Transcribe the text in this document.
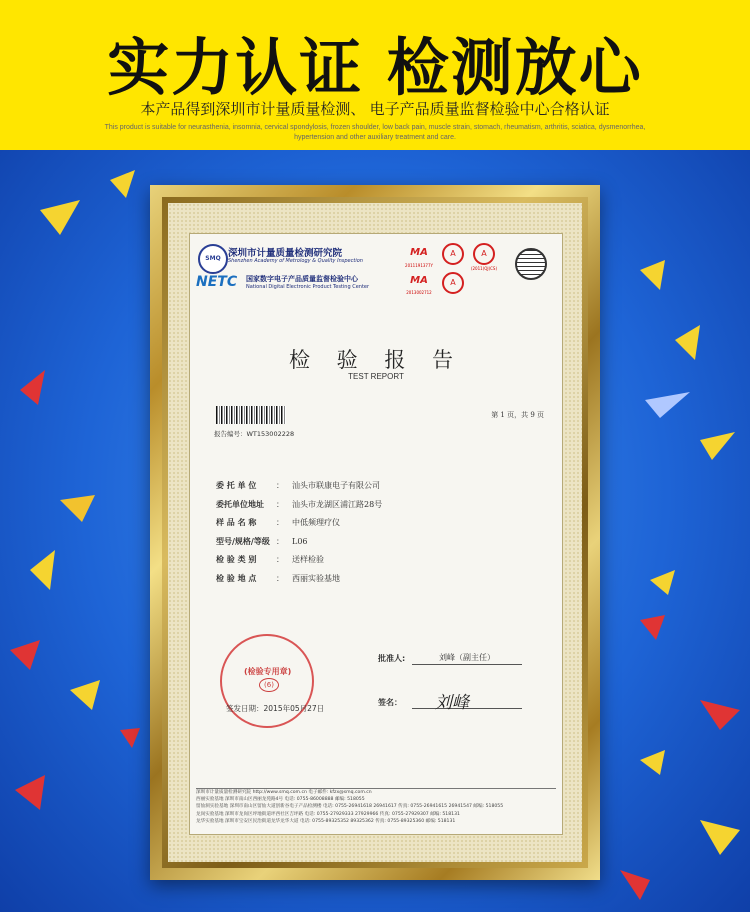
实力认证 检测放心
本产品得到深圳市计量质量检测、 电子产品质量监督检验中心合格认证
This product is suitable for neurasthenia, insomnia, cervical spondylosis, frozen shoulder, low back pain, muscle strain, stomach, rheumatism, arthritis, sciatica, dysmenorrhea, hypertension and other auxiliary treatment and care.
SMQ 深圳市计量质量检测研究院
Shenzhen Academy of Metrology & Quality Inspection
NETC 国家数字电子产品质量监督检验中心
National Digital Electronic Product Testing Center
MA
2011191377Y
A	A
(2011)QJ(CS)
MA
2013002712
A
检 验 报 告
TEST REPORT
第 1 页，共 9 页
报告编号：WT153002228
委 托 单 位 ： 汕头市联康电子有限公司
委托单位地址 ： 汕头市龙湖区浦江路28号
样 品 名 称 ： 中低频理疗仪
型号/规格/等级 ： L06
检 验 类 别 ： 送样检验
检 验 地 点 ： 西丽实验基地
(检验专用章)
(6)
签发日期：2015年05月27日
批准人:	刘峰（副主任）
签名： 刘峰
深圳市计量质量检测研究院 http://www.smq.com.cn 电子邮件: kfzx@smq.com.cn
西丽实验基地 深圳市南山区西丽龙苑路4号 电话: 0755-86008888 邮编: 518055
留仙洞实验基地 深圳市南山区留仙大道创新谷电子产品检测楼 电话: 0755-26941618 26941617 传真: 0755-26941615 26941547 邮编: 518055
龙岗实验基地 深圳市龙岗区坪地街道坪西社区吉坪路 电话: 0755-27929333 27929966 传真: 0755-27929307 邮编: 518131
龙华实验基地 深圳市宝安区民治街道龙华龙华大道 电话: 0755-89325352 89325362 传真: 0755-89325360 邮编: 518131
